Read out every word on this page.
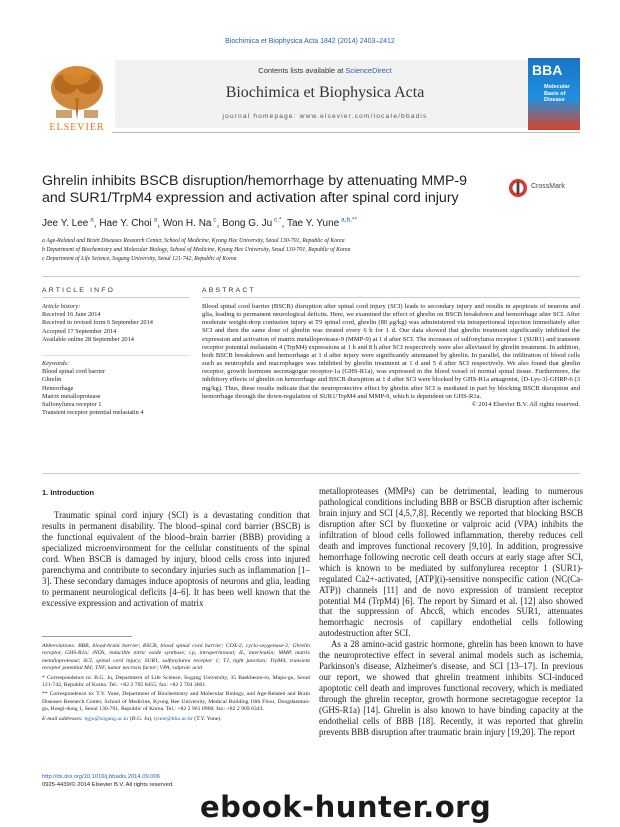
Biochimica et Biophysica Acta 1842 (2014) 2403–2412
ELSEVIER
Contents lists available at ScienceDirect
Biochimica et Biophysica Acta
journal homepage: www.elsevier.com/locate/bbadis
BBA
Molecular
Basis of
Disease
Ghrelin inhibits BSCB disruption/hemorrhage by attenuating MMP-9 and SUR1/TrpM4 expression and activation after spinal cord injury
CrossMark
Jee Y. Lee $^a$, Hae Y. Choi $^a$, Won H. Na $^c$, Bong G. Ju $^{c,*}$, Tae Y. Yune $^{a,b,**}$
a Age-Related and Brain Diseases Research Center, School of Medicine, Kyung Hee University, Seoul 130-701, Republic of Korea
b Department of Biochemistry and Molecular Biology, School of Medicine, Kyung Hee University, Seoul 130-701, Republic of Korea
c Department of Life Science, Sogang University, Seoul 121-742, Republic of Korea
ARTICLE INFO	ABSTRACT
Article history:
Received 16 June 2014
Received in revised form 6 September 2014
Accepted 17 September 2014
Available online 28 September 2014
Keywords:
Blood spinal cord barrier
Ghrelin
Hemorrhage
Matrix metalloprotease
Sulfonylurea receptor 1
Transient receptor potential melastatin 4

Blood spinal cord barrier (BSCB) disruption after spinal cord injury (SCI) leads to secondary injury and results in apoptosis of neurons and glia, leading to permanent neurological deficits. Here, we examined the effect of ghrelin on BSCB breakdown and hemorrhage after SCI. After moderate weight-drop contusion injury at T9 spinal cord, ghrelin (80 μg/kg) was administered via intraperitoneal injection immediately after SCI and then the same dose of ghrelin was treated every 6 h for 1 d. Our data showed that ghrelin treatment significantly inhibited the expression and activation of matrix metalloprotease-9 (MMP-9) at 1 d after SCI. The increases of sulfonylurea receptor 1 (SUR1) and transient receptor potential melastatin 4 (TrpM4) expressions at 1 h and 8 h after SCI respectively were also alleviated by ghrelin treatment. In addition, both BSCB breakdown and hemorrhage at 1 d after injury were significantly attenuated by ghrelin. In parallel, the infiltration of blood cells such as neutrophils and macrophages was inhibited by ghrelin treatment at 1 d and 5 d after SCI respectively. We also found that ghrelin receptor, growth hormone secretagogue receptor-1a (GHS-R1a), was expressed in the blood vessel of normal spinal tissue. Furthermore, the inhibitory effects of ghrelin on hemorrhage and BSCB disruption at 1 d after SCI were blocked by GHS-R1a antagonist, [D-Lys-3]-GHRP-6 (3 mg/kg). Thus, these results indicate that the neuroprotective effect by ghrelin after SCI is mediated in part by blocking BSCB disruption and hemorrhage through the down-regulation of SUR1/TrpM4 and MMP-9, which is dependent on GHS-R1a.

© 2014 Elsevier B.V. All rights reserved.

1. Introduction

Traumatic spinal cord injury (SCI) is a devastating condition that results in permanent disability. The blood–spinal cord barrier (BSCB) is the functional equivalent of the blood–brain barrier (BBB) providing a specialized microenvironment for the cellular constituents of the spinal cord. When BSCB is damaged by injury, blood cells cross into injured parenchyma and contribute to secondary injuries such as inflammation [1–3]. These secondary damages induce apoptosis of neurons and glia, leading to permanent neurological deficits [4–6]. It has been well known that the excessive expression and activation of matrix

metalloproteases (MMPs) can be detrimental, leading to numerous pathological conditions including BBB or BSCB disruption after ischemic brain injury and SCI [4,5,7,8]. Recently we reported that blocking BSCB disruption after SCI by fluoxetine or valproic acid (VPA) inhibits the infiltration of blood cells followed inflammation, thereby reduces cell death and improves functional recovery [9,10]. In addition, progressive hemorrhage following necrotic cell death occurs at early stage after SCI, which is known to be mediated by sulfonylurea receptor 1 (SUR1)-regulated Ca2+-activated, [ATP](i)-sensitive nonspecific cation (NC(Ca-ATP)) channels [11] and de novo expression of transient receptor potential M4 (TrpM4) [6]. The report by Simard et al. [12] also showed that the suppression of Abcc8, which encodes SUR1, attenuates hemorrhagic necrosis of capillary endothelial cells following autodestruction after SCI.

As a 28 amino-acid gastric hormone, ghrelin has been known to have the neuroprotective effect in several animal models such as ischemia, Parkinson's disease, Alzheimer's disease, and SCI [13–17]. In previous our report, we showed that ghrelin treatment inhibits SCI-induced apoptotic cell death and improves functional recovery, which is mediated through the ghrelin receptor, growth hormone secretagogue receptor 1a (GHS-R1a) [14]. Ghrelin is also known to have binding capacity at the endothelial cells of BBB [18]. Recently, it was reported that ghrelin prevents BBB disruption after traumatic brain injury [19,20]. The report

Abbreviations: BBB, blood-brain barrier; BSCB, blood spinal cord barrier; COX-2, cyclo-oxygenase-2; Ghrelin receptor, GHS-R1a; iNOS, inducible nitric oxide synthase; i.p, intraperitoneal; IL, interleukin; MMP, matrix metalloprotease; SCI, spinal cord injury; SUR1, sulfonylurea receptor 1; TJ, tight junction; TrpM4, transient receptor potential M4; TNF, tumor necrosis factor; VPA, valproic acid

* Correspondence to: B.G. Ju, Department of Life Science, Sogang University, 35 Baekbeom-ro, Mapo-gu, Seoul 121-742, Republic of Korea. Tel.: +82 2 705 8455; fax: +82 2 704 3601.

** Correspondence to: T.Y. Yune, Department of Biochemistry and Molecular Biology, and Age-Related and Brain Diseases Research Center, School of Medicine, Kyung Hee University, Medical Building 10th Floor, Dongdaemun-gu, Hoegi-dong 1, Seoul 130-701, Republic of Korea. Tel.: +82 2 961 0968; fax: +82 2 969 6343.

E-mail addresses: bgju@sogang.ac.kr (B.G. Ju), tyune@khu.ac.kr (T.Y. Yune).

http://dx.doi.org/10.1016/j.bbadis.2014.09.006
0925-4439/© 2014 Elsevier B.V. All rights reserved.
ebook-hunter.org
